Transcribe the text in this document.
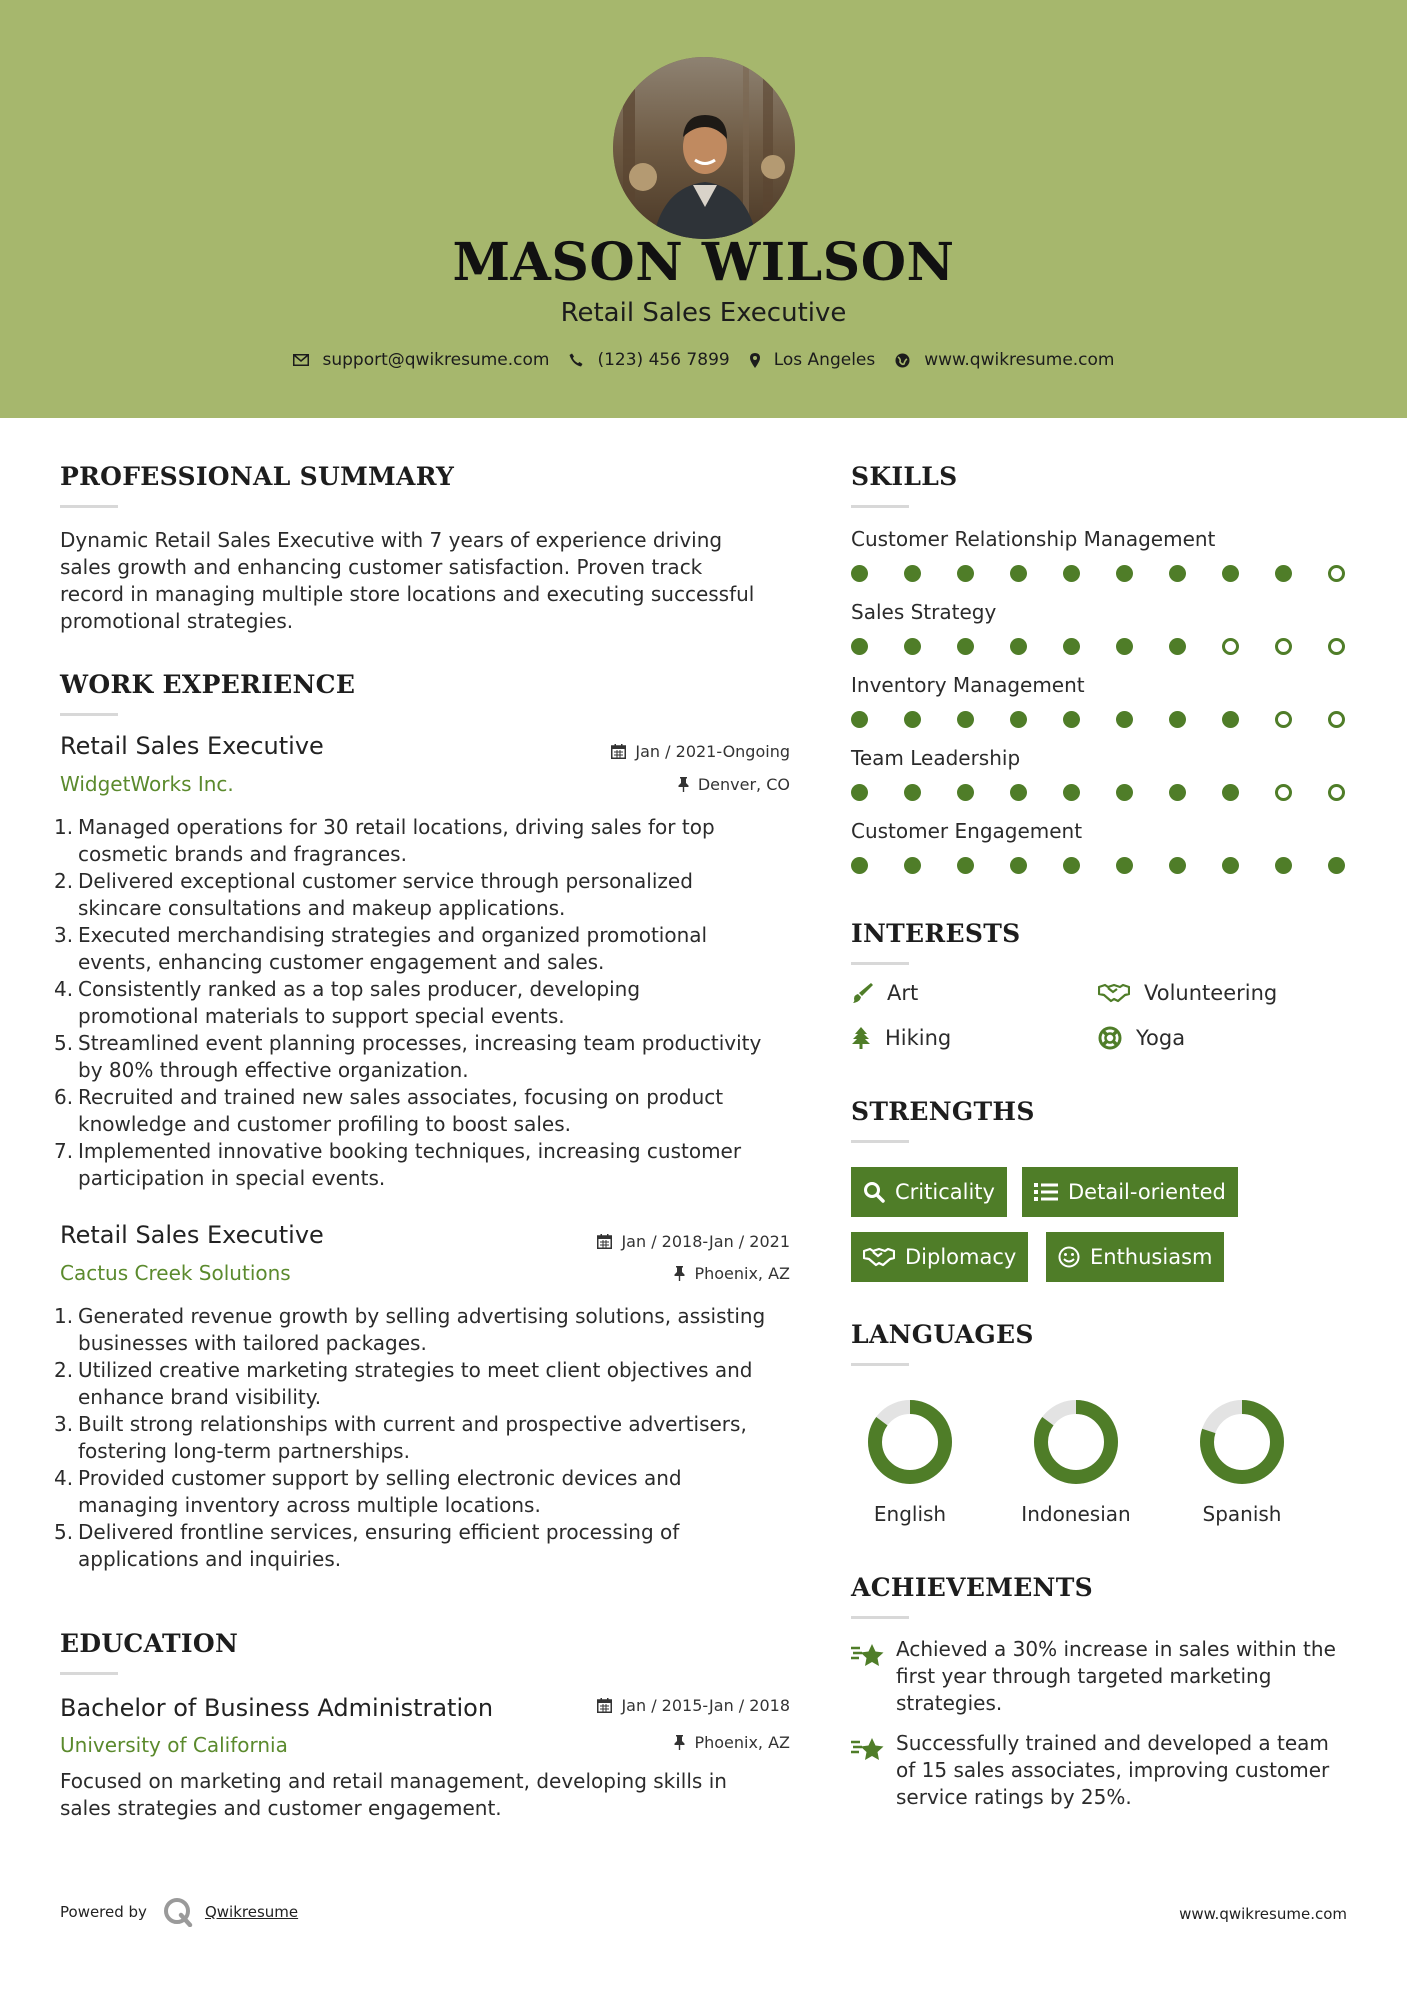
MASON WILSON
Retail Sales Executive
support@qwikresume.com	(123) 456 7899	Los Angeles	www.qwikresume.com
PROFESSIONAL SUMMARY
Dynamic Retail Sales Executive with 7 years of experience driving
sales growth and enhancing customer satisfaction. Proven track
record in managing multiple store locations and executing successful
promotional strategies.
WORK EXPERIENCE
Retail Sales Executive	Jan / 2021-Ongoing
WidgetWorks Inc.	Denver, CO
1. Managed operations for 30 retail locations, driving sales for top
cosmetic brands and fragrances.
2. Delivered exceptional customer service through personalized
skincare consultations and makeup applications.
3. Executed merchandising strategies and organized promotional
events, enhancing customer engagement and sales.
4. Consistently ranked as a top sales producer, developing
promotional materials to support special events.
5. Streamlined event planning processes, increasing team productivity
by 80% through effective organization.
6. Recruited and trained new sales associates, focusing on product
knowledge and customer profiling to boost sales.
7. Implemented innovative booking techniques, increasing customer
participation in special events.
Retail Sales Executive	Jan / 2018-Jan / 2021
Cactus Creek Solutions	Phoenix, AZ
1. Generated revenue growth by selling advertising solutions, assisting
businesses with tailored packages.
2. Utilized creative marketing strategies to meet client objectives and
enhance brand visibility.
3. Built strong relationships with current and prospective advertisers,
fostering long-term partnerships.
4. Provided customer support by selling electronic devices and
managing inventory across multiple locations.
5. Delivered frontline services, ensuring efficient processing of
applications and inquiries.
EDUCATION
Bachelor of Business Administration	Jan / 2015-Jan / 2018
University of California	Phoenix, AZ
Focused on marketing and retail management, developing skills in
sales strategies and customer engagement.
SKILLS
Customer Relationship Management
Sales Strategy
Inventory Management
Team Leadership
Customer Engagement
INTERESTS
Art	Volunteering
Hiking	Yoga
STRENGTHS
Criticality	Detail-oriented
Diplomacy	Enthusiasm
LANGUAGES
English	Indonesian	Spanish
ACHIEVEMENTS
Achieved a 30% increase in sales within the
first year through targeted marketing
strategies.
Successfully trained and developed a team
of 15 sales associates, improving customer
service ratings by 25%.
Powered by	Qwikresume	www.qwikresume.com
